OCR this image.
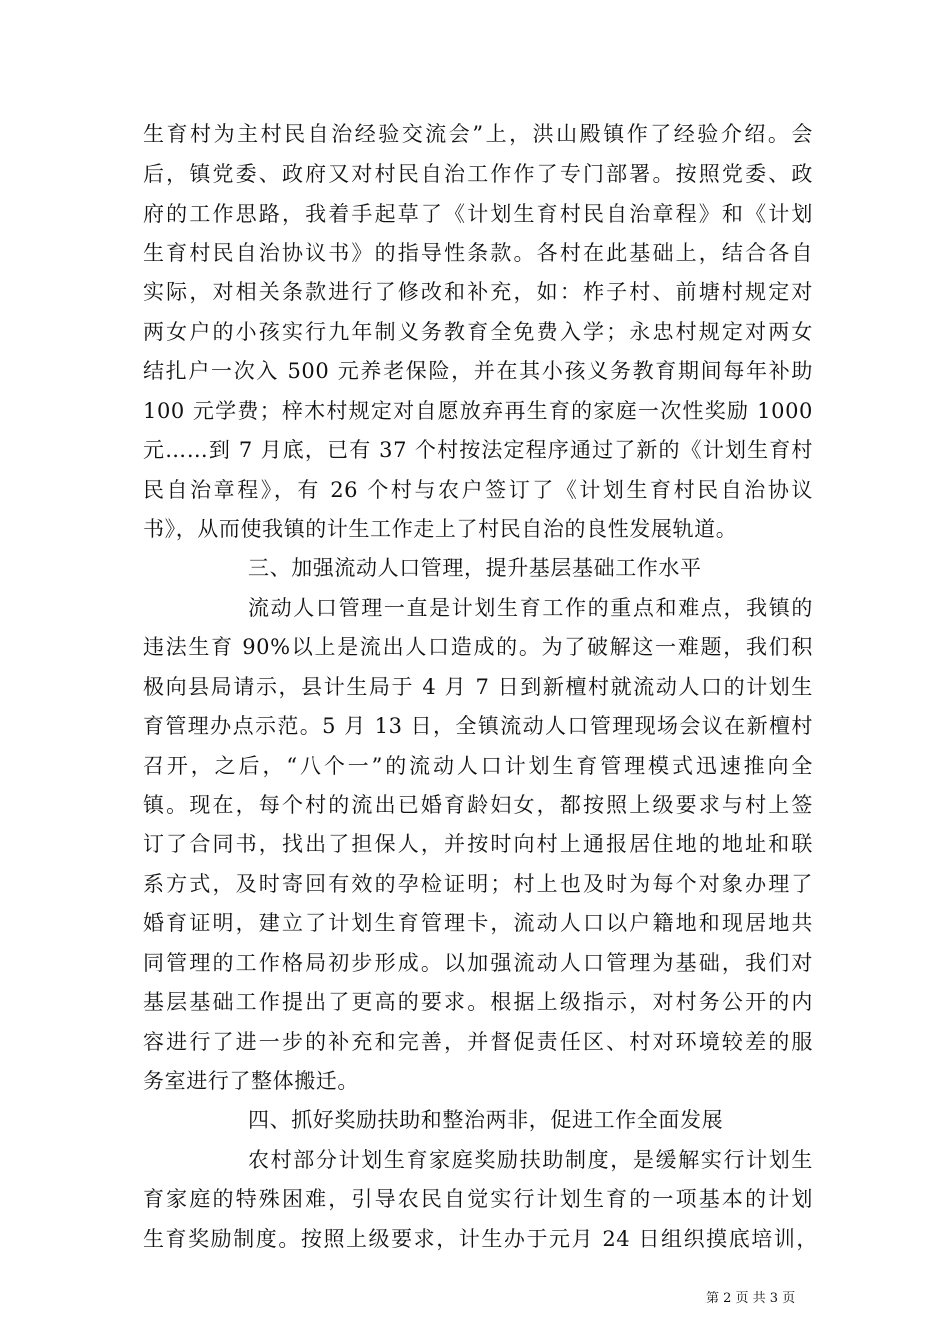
生育村为主村民自治经验交流会”上，洪山殿镇作了经验介绍。会
后，镇党委、政府又对村民自治工作作了专门部署。按照党委、政
府的工作思路，我着手起草了《计划生育村民自治章程》和《计划
生育村民自治协议书》的指导性条款。各村在此基础上，结合各自
实际，对相关条款进行了修改和补充，如：柞子村、前塘村规定对
两女户的小孩实行九年制义务教育全免费入学；永忠村规定对两女
结扎户一次入 500 元养老保险，并在其小孩义务教育期间每年补助
100 元学费；梓木村规定对自愿放弃再生育的家庭一次性奖励 1000
元……到 7 月底，已有 37 个村按法定程序通过了新的《计划生育村
民自治章程》，有 26 个村与农户签订了《计划生育村民自治协议
书》，从而使我镇的计生工作走上了村民自治的良性发展轨道。
三、加强流动人口管理，提升基层基础工作水平
流动人口管理一直是计划生育工作的重点和难点，我镇的
违法生育 90%以上是流出人口造成的。为了破解这一难题，我们积
极向县局请示，县计生局于 4 月 7 日到新檀村就流动人口的计划生
育管理办点示范。5 月 13 日，全镇流动人口管理现场会议在新檀村
召开，之后，“八个一”的流动人口计划生育管理模式迅速推向全
镇。现在，每个村的流出已婚育龄妇女，都按照上级要求与村上签
订了合同书，找出了担保人，并按时向村上通报居住地的地址和联
系方式，及时寄回有效的孕检证明；村上也及时为每个对象办理了
婚育证明，建立了计划生育管理卡，流动人口以户籍地和现居地共
同管理的工作格局初步形成。以加强流动人口管理为基础，我们对
基层基础工作提出了更高的要求。根据上级指示，对村务公开的内
容进行了进一步的补充和完善，并督促责任区、村对环境较差的服
务室进行了整体搬迁。
四、抓好奖励扶助和整治两非，促进工作全面发展
农村部分计划生育家庭奖励扶助制度，是缓解实行计划生
育家庭的特殊困难，引导农民自觉实行计划生育的一项基本的计划
生育奖励制度。按照上级要求，计生办于元月 24 日组织摸底培训，
第 2 页 共 3 页
